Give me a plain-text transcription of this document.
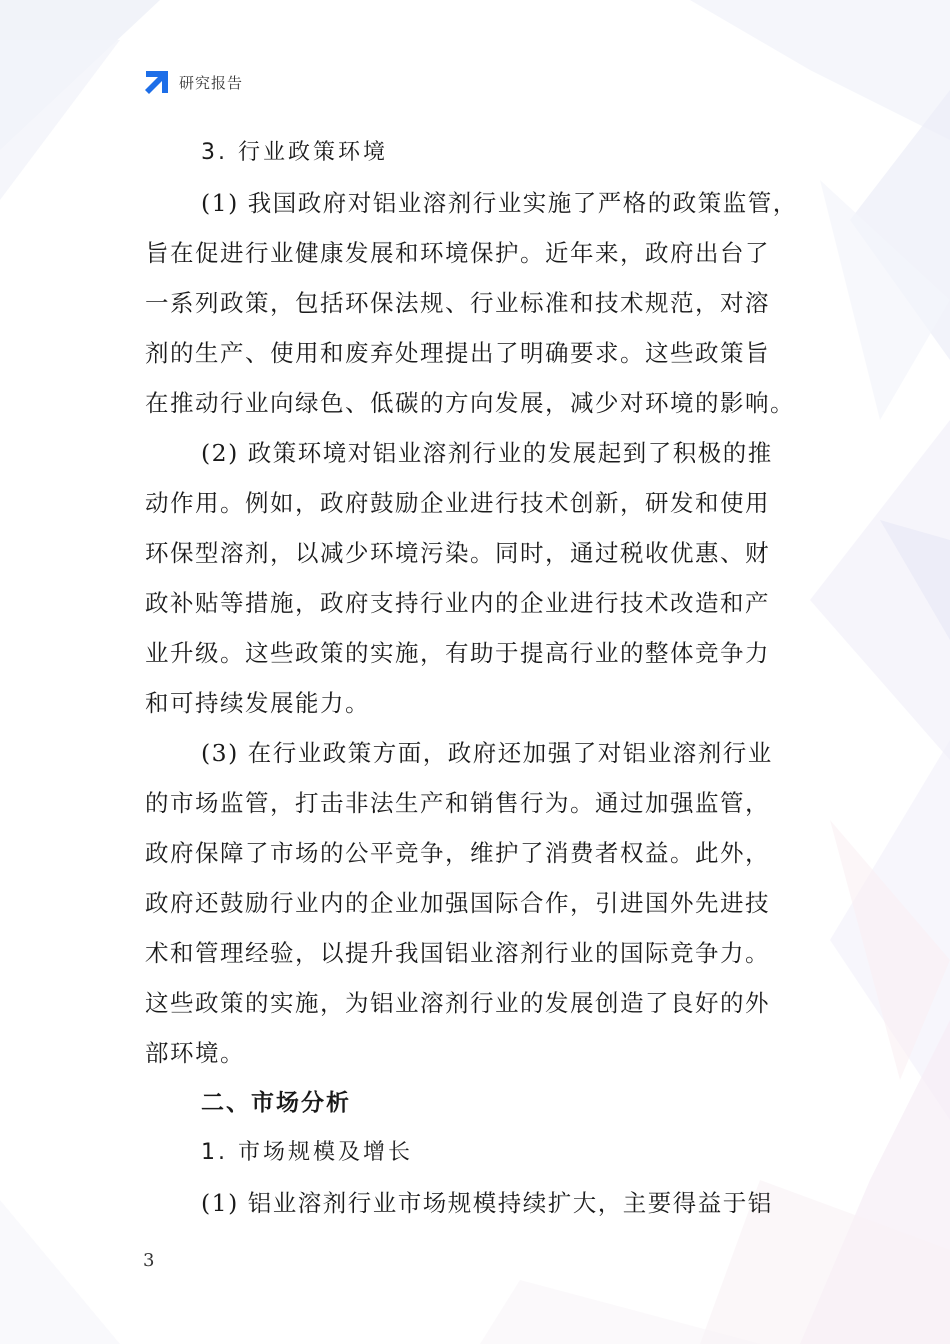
研究报告
3. 行业政策环境
(1) 我国政府对铝业溶剂行业实施了严格的政策监管，
旨在促进行业健康发展和环境保护。近年来，政府出台了
一系列政策，包括环保法规、行业标准和技术规范，对溶
剂的生产、使用和废弃处理提出了明确要求。这些政策旨
在推动行业向绿色、低碳的方向发展，减少对环境的影响。
(2) 政策环境对铝业溶剂行业的发展起到了积极的推
动作用。例如，政府鼓励企业进行技术创新，研发和使用
环保型溶剂，以减少环境污染。同时，通过税收优惠、财
政补贴等措施，政府支持行业内的企业进行技术改造和产
业升级。这些政策的实施，有助于提高行业的整体竞争力
和可持续发展能力。
(3) 在行业政策方面，政府还加强了对铝业溶剂行业
的市场监管，打击非法生产和销售行为。通过加强监管，
政府保障了市场的公平竞争，维护了消费者权益。此外，
政府还鼓励行业内的企业加强国际合作，引进国外先进技
术和管理经验，以提升我国铝业溶剂行业的国际竞争力。
这些政策的实施，为铝业溶剂行业的发展创造了良好的外
部环境。
二、市场分析
1. 市场规模及增长
(1) 铝业溶剂行业市场规模持续扩大，主要得益于铝
3
